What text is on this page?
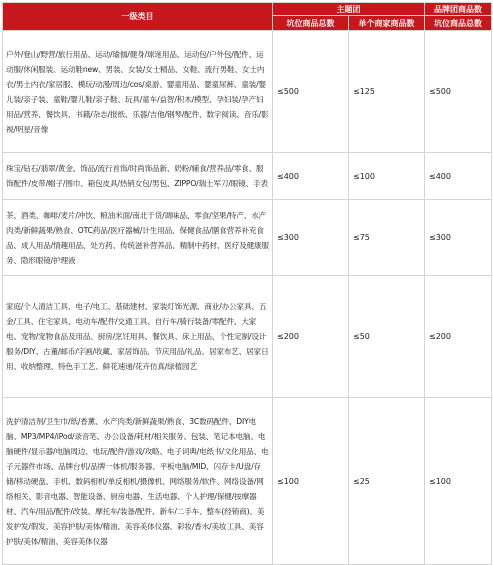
一级类目	主题团		品牌团商品数
	坑位商品总数	单个商家商品数	坑位商品总数
户外/登山/野营/旅行用品、运动/瑜伽/健身/球迷用品、运动包/户外包/配件、运动服/休闲服装、运动鞋new、男装、女装/女士精品、女鞋、流行男鞋、女士内衣/男士内衣/家居服、模玩/动漫/周边/cos/桌游、婴童用品、婴童尿裤、童装/婴儿装/亲子装、童鞋/婴儿鞋/亲子鞋、玩具/童车/益智/积木/模型、孕妇装/孕产妇用品/营养、餐饮具、书籍/杂志/报纸、乐器/吉他/钢琴/配件、数字阅读、音乐/影视/明星/音像	≤500	≤125	≤500
珠宝/钻石/翡翠/黄金、饰品/流行首饰/时尚饰品新、奶粉/辅食/营养品/零食、服饰配件/皮带/帽子/围巾、箱包皮具/热销女包/男包、ZIPPO/瑞士军刀/眼镜、手表	≤400	≤100	≤400
茶、酒类、咖啡/麦片/冲饮、粮油米面/南北干货/调味品、零食/坚果/特产、水产肉类/新鲜蔬果/熟食、OTC药品/医疗器械/计生用品、保健食品/膳食营养补充食品、成人用品/情趣用品、处方药、传统滋补营养品、精制中药材、医疗及健康服务、隐形眼镜/护理液	≤300	≤75	≤300
家庭/个人清洁工具、电子/电工、基础建材、家装灯饰光源、商业/办公家具、五金/工具、住宅家具、电动车/配件/交通工具、自行车/骑行装备/零配件、大家电、宠物/宠物食品及用品、厨房/烹饪用具、餐饮具、床上用品、个性定制/设计服务/DIY、古董/邮币/字画/收藏、家居饰品、节庆用品/礼品、居家布艺、居家日用、收纳整理、特色手工艺、鲜花速递/花卉仿真/绿植园艺	≤200	≤50	≤200
洗护清洁剂/卫生巾/纸/香薰、水产肉类/新鲜蔬果/熟食、3C数码配件、DIY电脑、MP3/MP4/iPod/录音笔、办公设备/耗材/相关服务、包装、笔记本电脑、电脑硬件/显示器/电脑周边、电玩/配件/游戏/攻略、电子词典/电纸书/文化用品、电子元器件市场、品牌台机/品牌一体机/服务器、平板电脑/MID、闪存卡/U盘/存储/移动硬盘、手机、数码相机/单反相机/摄像机、网络服务/软件、网络设备/网络相关、影音电器、智能设备、厨房电器、生活电器、个人护理/保健/按摩器材、汽车/用品/配件/改装、摩托车/装备/配件、新车/二手车、整车(经销商)、美发护发/假发、美容护肤/美体/精油、美容美体仪器、彩妆/香水/美妆工具、美容护肤/美体/精油、美容美体仪器	≤100	≤25	≤100
